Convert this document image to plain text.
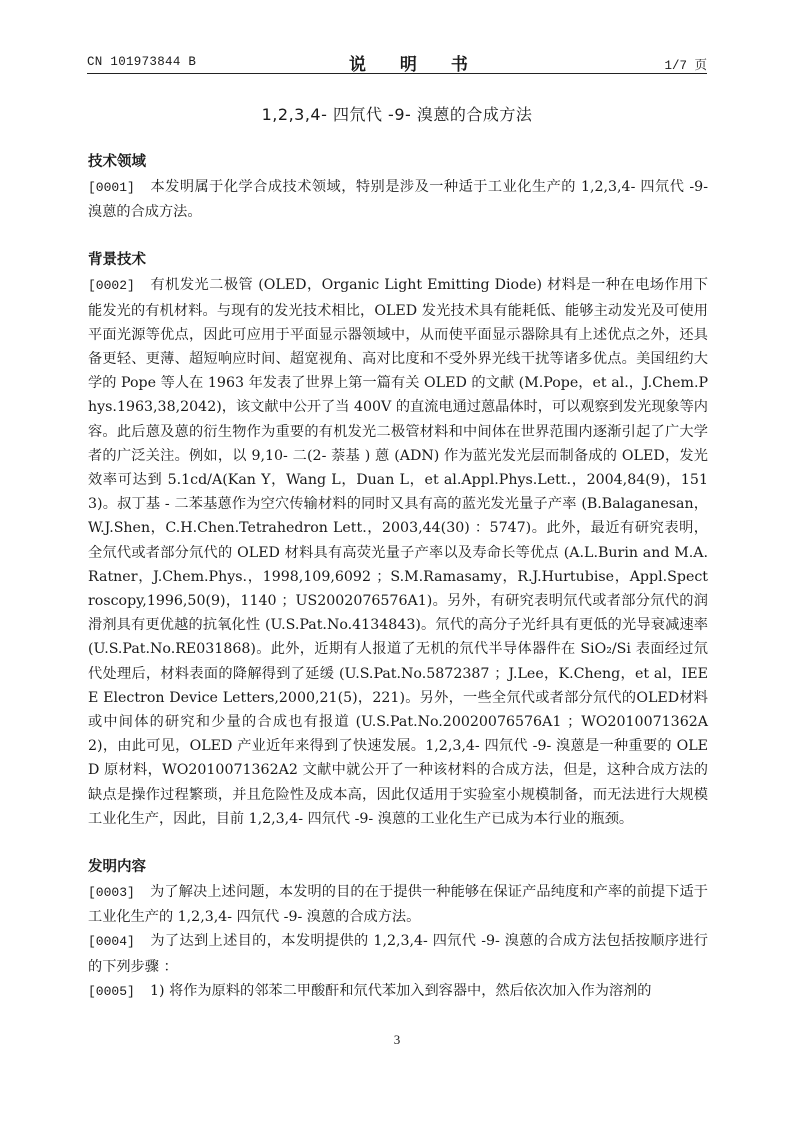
CN 101973844 B	说 明 书	1/7 页
1,2,3,4- 四氘代 -9- 溴蒽的合成方法
技术领域

[0001] 本发明属于化学合成技术领域，特别是涉及一种适于工业化生产的 1,2,3,4- 四氘代 -9- 溴蒽的合成方法。

背景技术

[0002] 有机发光二极管 (OLED，Organic Light Emitting Diode) 材料是一种在电场作用下能发光的有机材料。与现有的发光技术相比，OLED 发光技术具有能耗低、能够主动发光及可使用平面光源等优点，因此可应用于平面显示器领域中，从而使平面显示器除具有上述优点之外，还具备更轻、更薄、超短响应时间、超宽视角、高对比度和不受外界光线干扰等诸多优点。美国纽约大学的 Pope 等人在 1963 年发表了世界上第一篇有关 OLED 的文献 (M.Pope，et al.，J.Chem.Phys.1963,38,2042)，该文献中公开了当 400V 的直流电通过蒽晶体时，可以观察到发光现象等内容。此后蒽及蒽的衍生物作为重要的有机发光二极管材料和中间体在世界范围内逐渐引起了广大学者的广泛关注。例如，以 9,10- 二(2- 萘基 ) 蒽 (ADN) 作为蓝光发光层而制备成的 OLED，发光效率可达到 5.1cd/A(Kan Y，Wang L，Duan L，et al.Appl.Phys.Lett.，2004,84(9)，1513)。叔丁基 - 二苯基蒽作为空穴传输材料的同时又具有高的蓝光发光量子产率 (B.Balaganesan，W.J.Shen，C.H.Chen.Tetrahedron Lett.，2003,44(30) ：5747)。此外，最近有研究表明，全氘代或者部分氘代的 OLED 材料具有高荧光量子产率以及寿命长等优点 (A.L.Burin and M.A.Ratner，J.Chem.Phys.，1998,109,6092 ；S.M.Ramasamy，R.J.Hurtubise，Appl.Spectroscopy,1996,50(9)，1140 ；US2002076576A1)。另外，有研究表明氘代或者部分氘代的润滑剂具有更优越的抗氧化性 (U.S.Pat.No.4134843)。氘代的高分子光纤具有更低的光导衰减速率 (U.S.Pat.No.RE031868)。此外，近期有人报道了无机的氘代半导体器件在 SiO₂/Si 表面经过氘代处理后，材料表面的降解得到了延缓 (U.S.Pat.No.5872387 ；J.Lee，K.Cheng，et al，IEEE Electron Device Letters,2000,21(5)，221)。另外，一些全氘代或者部分氘代的OLED材料或中间体的研究和少量的合成也有报道 (U.S.Pat.No.20020076576A1 ；WO2010071362A2)，由此可见，OLED 产业近年来得到了快速发展。1,2,3,4- 四氘代 -9- 溴蒽是一种重要的 OLED 原材料，WO2010071362A2 文献中就公开了一种该材料的合成方法，但是，这种合成方法的缺点是操作过程繁琐，并且危险性及成本高，因此仅适用于实验室小规模制备，而无法进行大规模工业化生产，因此，目前 1,2,3,4- 四氘代 -9- 溴蒽的工业化生产已成为本行业的瓶颈。

发明内容

[0003] 为了解决上述问题，本发明的目的在于提供一种能够在保证产品纯度和产率的前提下适于工业化生产的 1,2,3,4- 四氘代 -9- 溴蒽的合成方法。

[0004] 为了达到上述目的，本发明提供的 1,2,3,4- 四氘代 -9- 溴蒽的合成方法包括按顺序进行的下列步骤 ：

[0005] 1) 将作为原料的邻苯二甲酸酐和氘代苯加入到容器中，然后依次加入作为溶剂的

3
